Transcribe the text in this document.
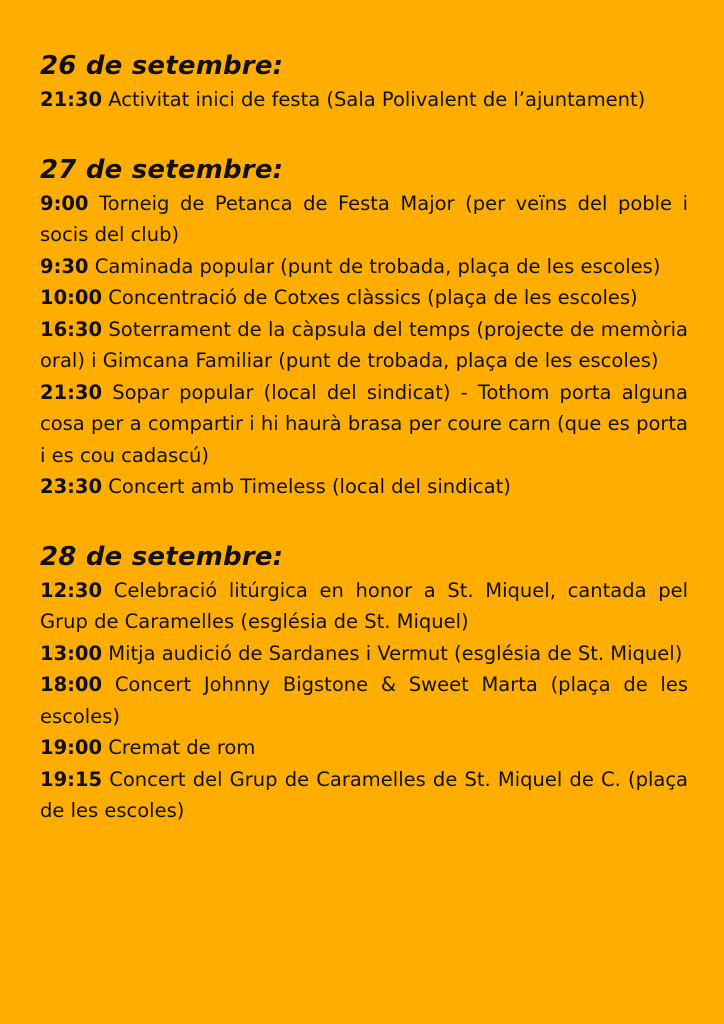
26 de setembre:

21:30 Activitat inici de festa (Sala Polivalent de l’ajuntament)

27 de setembre:

9:00 Torneig de Petanca de Festa Major (per veïns del poble i socis del club)

9:30 Caminada popular (punt de trobada, plaça de les escoles)

10:00 Concentració de Cotxes clàssics (plaça de les escoles)

16:30 Soterrament de la càpsula del temps (projecte de memòria oral) i Gimcana Familiar (punt de trobada, plaça de les escoles)

21:30 Sopar popular (local del sindicat) - Tothom porta alguna cosa per a compartir i hi haurà brasa per coure carn (que es porta i es cou cadascú)

23:30 Concert amb Timeless (local del sindicat)

28 de setembre:

12:30 Celebració litúrgica en honor a St. Miquel, cantada pel Grup de Caramelles (església de St. Miquel)

13:00 Mitja audició de Sardanes i Vermut (església de St. Miquel)

18:00 Concert Johnny Bigstone & Sweet Marta (plaça de les escoles)

19:00 Cremat de rom

19:15 Concert del Grup de Caramelles de St. Miquel de C. (plaça de les escoles)
